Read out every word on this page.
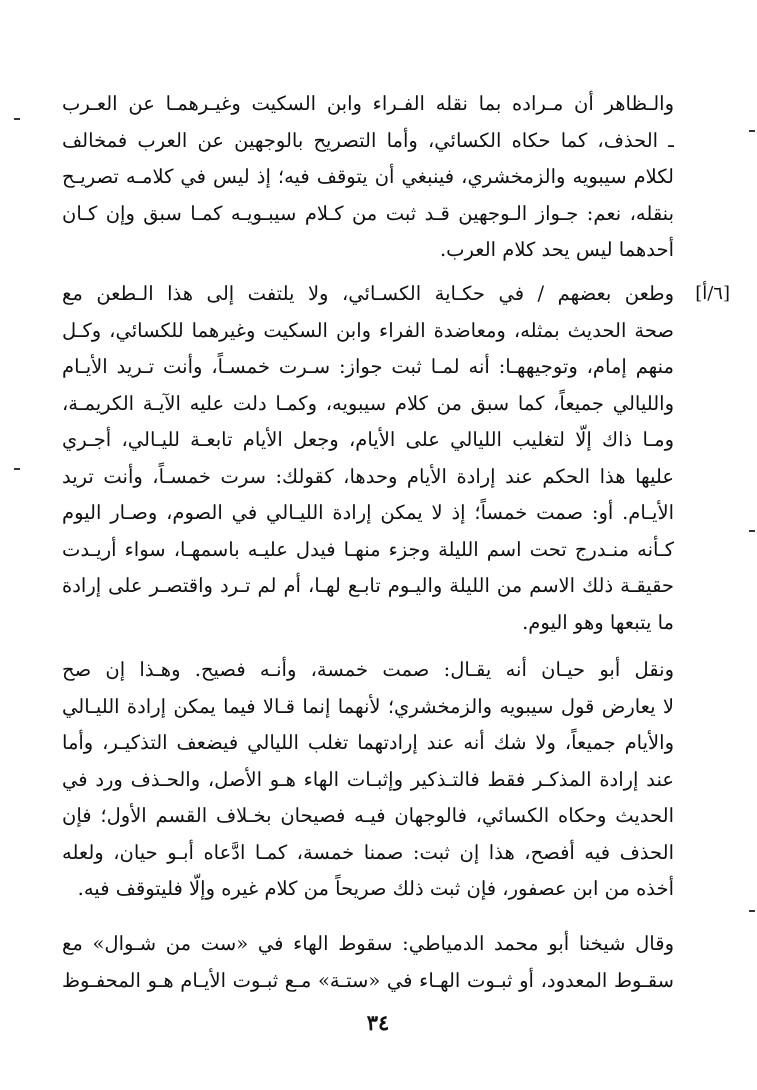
[٦/أ]
والـظاهر أن مـراده بما نقله الفـراء وابن السكيت وغيـرهمـا عن العـرب
ـ الحذف، كما حكاه الكسائي، وأما التصريح بالوجهين عن العرب فمخالف
لكلام سيبويه والزمخشري، فينبغي أن يتوقف فيه؛ إذ ليس في كلامـه تصريـح
بنقله، نعم: جـواز الـوجهين قـد ثبت من كـلام سيبـويـه كمـا سبق وإن كـان
أحدهما ليس يحد كلام العرب.
وطعن بعضهم / في حكـاية الكسـائي، ولا يلتفت إلى هذا الـطعن مع
صحة الحديث بمثله، ومعاضدة الفراء وابن السكيت وغيرهما للكسائي، وكـل
منهم إمام، وتوجيههـا: أنه لمـا ثبت جواز: سـرت خمسـاً، وأنت تـريد الأيـام
والليالي جميعاً، كما سبق من كلام سيبويه، وكمـا دلت عليه الآيـة الكريمـة،
ومـا ذاك إلّا لتغليب الليالي على الأيام، وجعل الأيام تابعـة لليـالي، أجـري
عليها هذا الحكم عند إرادة الأيام وحدها، كقولك: سرت خمسـاً، وأنت تريد
الأيـام. أو: صمت خمساً؛ إذ لا يمكن إرادة الليـالي في الصوم، وصـار اليوم
كـأنه منـدرج تحت اسم الليلة وجزء منهـا فيدل عليـه باسمهـا، سواء أريـدت
حقيقـة ذلك الاسم من الليلة واليـوم تابـع لهـا، أم لم تـرد واقتصـر على إرادة
ما يتبعها وهو اليوم.
ونقل أبو حيـان أنه يقـال: صمت خمسة، وأنـه فصيح. وهـذا إن صح
لا يعارض قول سيبويه والزمخشري؛ لأنهما إنما قـالا فيما يمكن إرادة الليـالي
والأيام جميعاً، ولا شك أنه عند إرادتهما تغلب الليالي فيضعف التذكيـر، وأما
عند إرادة المذكـر فقط فالتـذكير وإثبـات الهاء هـو الأصل، والحـذف ورد في
الحديث وحكاه الكسائي، فالوجهان فيـه فصيحان بخـلاف القسم الأول؛ فإن
الحذف فيه أفصح، هذا إن ثبت: صمنا خمسة، كمـا ادَّعاه أبـو حيان، ولعله
أخذه من ابن عصفور، فإن ثبت ذلك صريحاً من كلام غيره وإلّا فليتوقف فيه.
وقال شيخنا أبو محمد الدمياطي: سقوط الهاء في «ست من شـوال» مع
سقـوط المعدود، أو ثبـوت الهـاء في «ستـة» مـع ثبـوت الأيـام هـو المحفـوظ
٣٤
